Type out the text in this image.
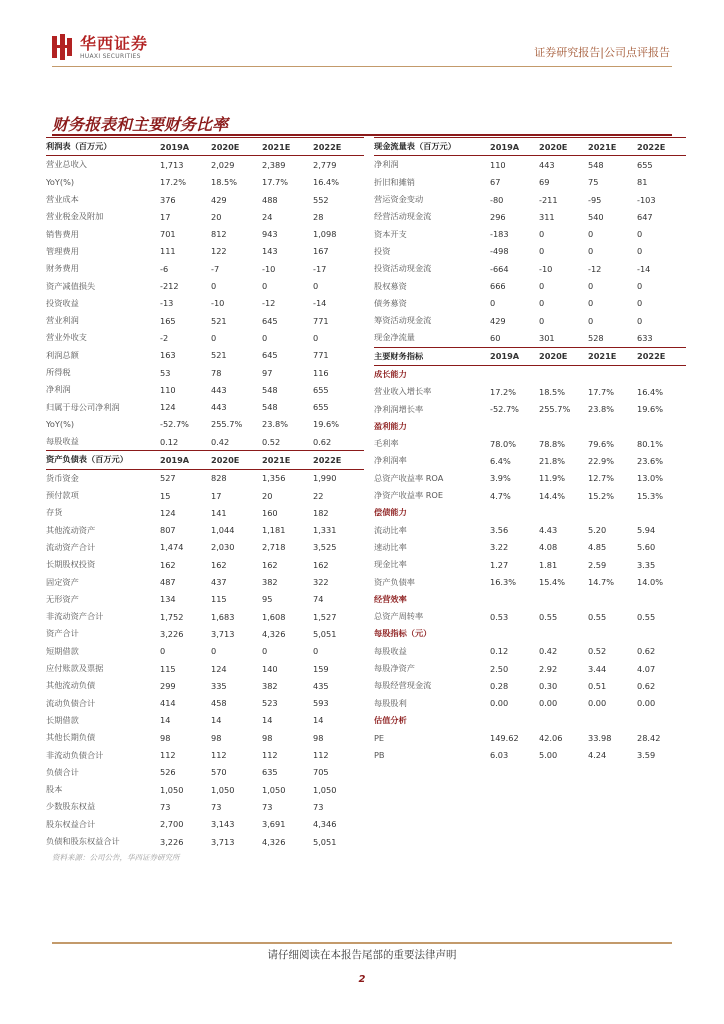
华西证券
HUAXI SECURITIES	证券研究报告|公司点评报告
财务报表和主要财务比率
利润表（百万元）	2019A	2020E	2021E	2022E
营业总收入	1,713	2,029	2,389	2,779
YoY(%)	17.2%	18.5%	17.7%	16.4%
营业成本	376	429	488	552
营业税金及附加	17	20	24	28
销售费用	701	812	943	1,098
管理费用	111	122	143	167
财务费用	-6	-7	-10	-17
资产减值损失	-212	0	0	0
投资收益	-13	-10	-12	-14
营业利润	165	521	645	771
营业外收支	-2	0	0	0
利润总额	163	521	645	771
所得税	53	78	97	116
净利润	110	443	548	655
归属于母公司净利润	124	443	548	655
YoY(%)	-52.7%	255.7%	23.8%	19.6%
每股收益	0.12	0.42	0.52	0.62
资产负债表（百万元）	2019A	2020E	2021E	2022E
货币资金	527	828	1,356	1,990
预付款项	15	17	20	22
存货	124	141	160	182
其他流动资产	807	1,044	1,181	1,331
流动资产合计	1,474	2,030	2,718	3,525
长期股权投资	162	162	162	162
固定资产	487	437	382	322
无形资产	134	115	95	74
非流动资产合计	1,752	1,683	1,608	1,527
资产合计	3,226	3,713	4,326	5,051
短期借款	0	0	0	0
应付账款及票据	115	124	140	159
其他流动负债	299	335	382	435
流动负债合计	414	458	523	593
长期借款	14	14	14	14
其他长期负债	98	98	98	98
非流动负债合计	112	112	112	112
负债合计	526	570	635	705
股本	1,050	1,050	1,050	1,050
少数股东权益	73	73	73	73
股东权益合计	2,700	3,143	3,691	4,346
负债和股东权益合计	3,226	3,713	4,326	5,051
现金流量表（百万元）	2019A	2020E	2021E	2022E
净利润	110	443	548	655
折旧和摊销	67	69	75	81
营运资金变动	-80	-211	-95	-103
经营活动现金流	296	311	540	647
资本开支	-183	0	0	0
投资	-498	0	0	0
投资活动现金流	-664	-10	-12	-14
股权募资	666	0	0	0
债务募资	0	0	0	0
筹资活动现金流	429	0	0	0
现金净流量	60	301	528	633
主要财务指标	2019A	2020E	2021E	2022E
成长能力
营业收入增长率	17.2%	18.5%	17.7%	16.4%
净利润增长率	-52.7%	255.7%	23.8%	19.6%
盈利能力
毛利率	78.0%	78.8%	79.6%	80.1%
净利润率	6.4%	21.8%	22.9%	23.6%
总资产收益率 ROA	3.9%	11.9%	12.7%	13.0%
净资产收益率 ROE	4.7%	14.4%	15.2%	15.3%
偿债能力
流动比率	3.56	4.43	5.20	5.94
速动比率	3.22	4.08	4.85	5.60
现金比率	1.27	1.81	2.59	3.35
资产负债率	16.3%	15.4%	14.7%	14.0%
经营效率
总资产周转率	0.53	0.55	0.55	0.55
每股指标（元）
每股收益	0.12	0.42	0.52	0.62
每股净资产	2.50	2.92	3.44	4.07
每股经营现金流	0.28	0.30	0.51	0.62
每股股利	0.00	0.00	0.00	0.00
估值分析
PE	149.62	42.06	33.98	28.42
PB	6.03	5.00	4.24	3.59
资料来源：公司公告，华西证券研究所
请仔细阅读在本报告尾部的重要法律声明
2
